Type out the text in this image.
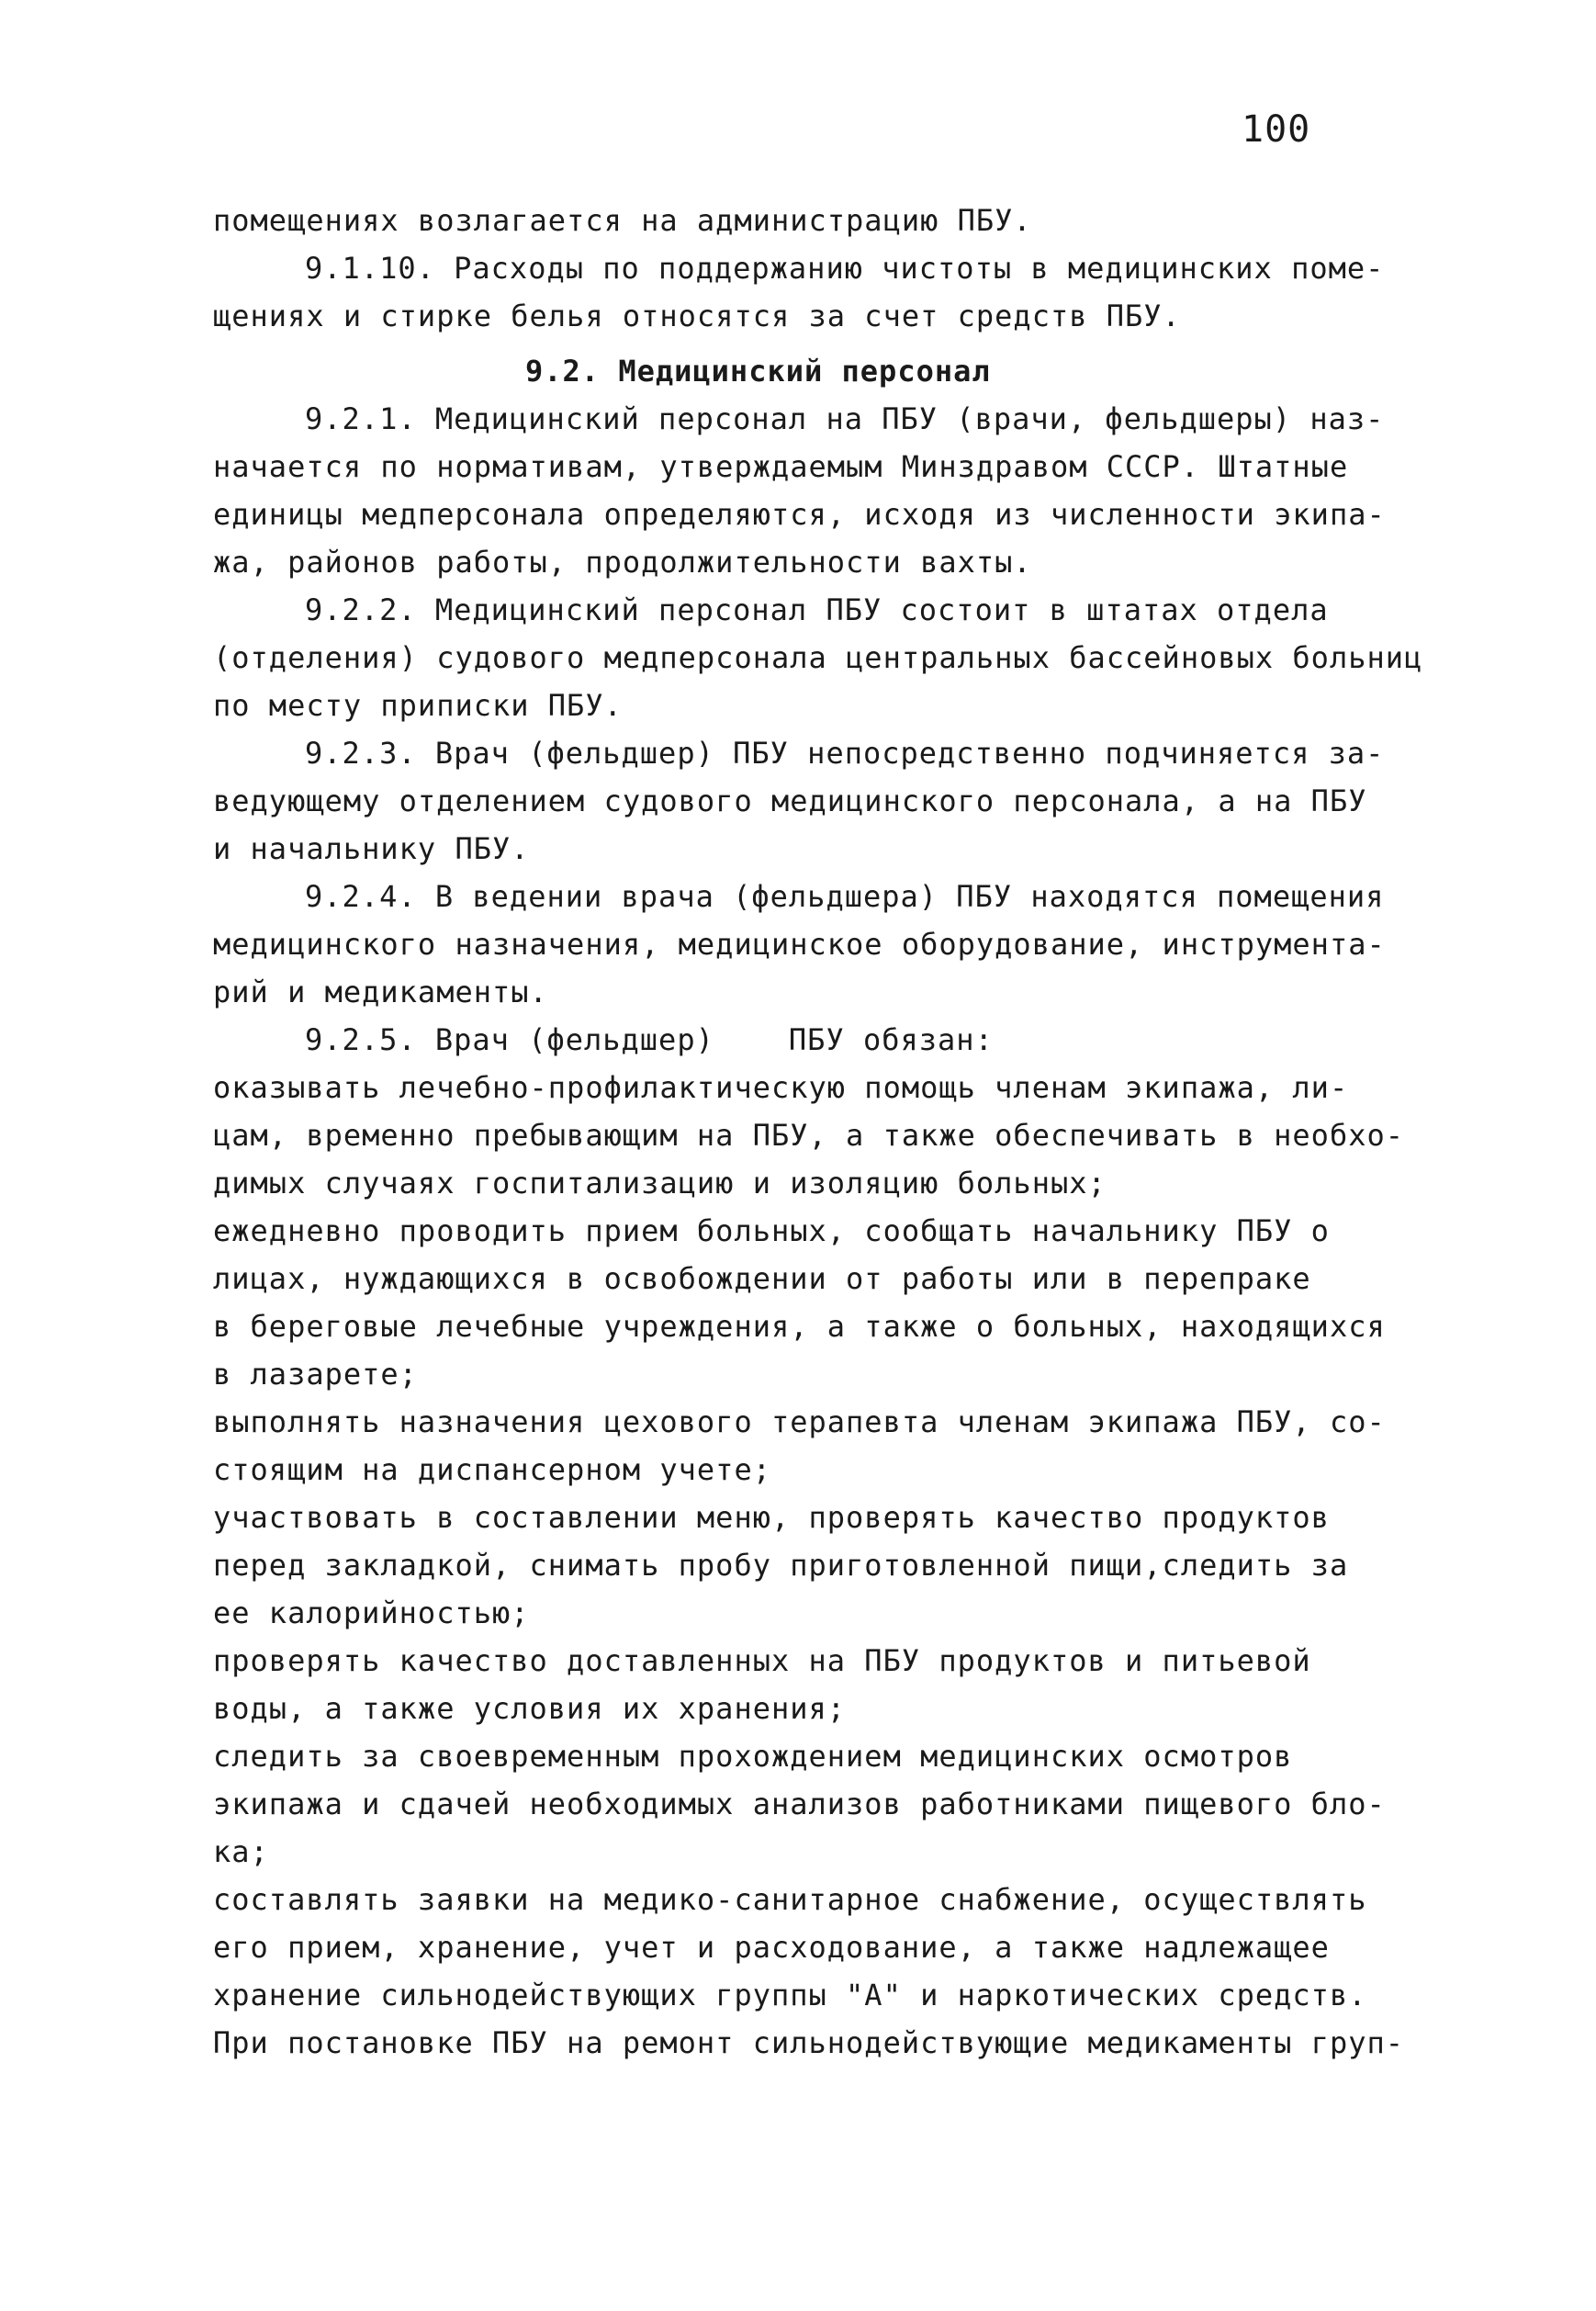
100
помещениях возлагается на администрацию ПБУ.
9.1.10. Расходы по поддержанию чистоты в медицинских поме-
щениях и стирке белья относятся за счет средств ПБУ.
9.2. Медицинский персонал
9.2.1. Медицинский персонал на ПБУ (врачи, фельдшеры) наз-
начается по нормативам, утверждаемым Минздравом СССР. Штатные
единицы медперсонала определяются, исходя из численности экипа-
жа, районов работы, продолжительности вахты.
9.2.2. Медицинский персонал ПБУ состоит в штатах отдела
(отделения) судового медперсонала центральных бассейновых больниц
по месту приписки ПБУ.
9.2.3. Врач (фельдшер) ПБУ непосредственно подчиняется за-
ведующему отделением судового медицинского персонала, а на ПБУ
и начальнику ПБУ.
9.2.4. В ведении врача (фельдшера) ПБУ находятся помещения
медицинского назначения, медицинское оборудование, инструмента-
рий и медикаменты.
9.2.5. Врач (фельдшер)    ПБУ обязан:
оказывать лечебно-профилактическую помощь членам экипажа, ли-
цам, временно пребывающим на ПБУ, а также обеспечивать в необхо-
димых случаях госпитализацию и изоляцию больных;
ежедневно проводить прием больных, сообщать начальнику ПБУ о
лицах, нуждающихся в освобождении от работы или в перепраке
в береговые лечебные учреждения, а также о больных, находящихся
в лазарете;
выполнять назначения цехового терапевта членам экипажа ПБУ, со-
стоящим на диспансерном учете;
участвовать в составлении меню, проверять качество продуктов
перед закладкой, снимать пробу приготовленной пищи,следить за
ее калорийностью;
проверять качество доставленных на ПБУ продуктов и питьевой
воды, а также условия их хранения;
следить за своевременным прохождением медицинских осмотров
экипажа и сдачей необходимых анализов работниками пищевого бло-
ка;
составлять заявки на медико-санитарное снабжение, осуществлять
его прием, хранение, учет и расходование, а также надлежащее
хранение сильнодействующих группы "А" и наркотических средств.
При постановке ПБУ на ремонт сильнодействующие медикаменты груп-
